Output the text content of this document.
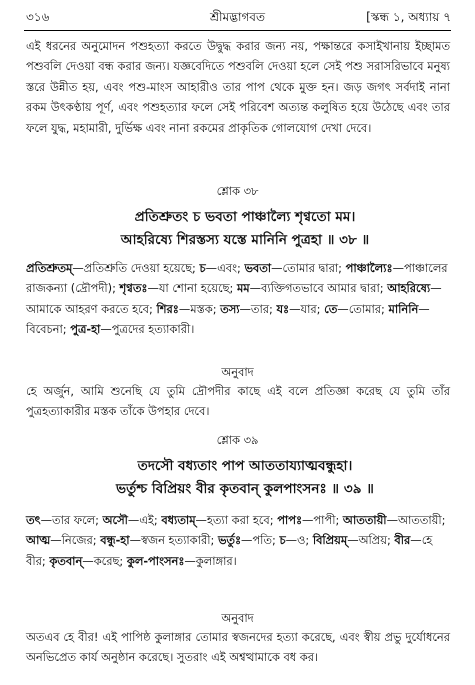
৩১৬	শ্রীমদ্ভাগবত	[স্কন্ধ ১, অধ্যায় ৭

এই ধরনের অনুমোদন পশুহত্যা করতে উদ্বুদ্ধ করার জন্য নয়, পক্ষান্তরে কসাইখানায় ইচ্ছামত পশুবলি দেওয়া বন্ধ করার জন্য। যজ্ঞবেদিতে পশুবলি দেওয়া হলে সেই পশু সরাসরিভাবে মনুষ্য স্তরে উন্নীত হয়, এবং পশু-মাংস আহারীও তার পাপ থেকে মুক্ত হন। জড় জগৎ সর্বদাই নানা রকম উৎকণ্ঠায় পূর্ণ, এবং পশুহত্যার ফলে সেই পরিবেশ অত্যন্ত কলুষিত হয়ে উঠেছে এবং তার ফলে যুদ্ধ, মহামারী, দুর্ভিক্ষ এবং নানা রকমের প্রাকৃতিক গোলযোগ দেখা দেবে।

শ্লোক ৩৮
প্রতিশ্রুতং চ ভবতা পাঞ্চাল্যৈ শৃণ্বতো মম।
আহরিষ্যে শিরস্তস্য যস্তে মানিনি পুত্রহা ॥ ৩৮ ॥

প্রতিশ্রুতম্—প্রতিশ্রুতি দেওয়া হয়েছে; চ—এবং; ভবতা—তোমার দ্বারা; পাঞ্চাল্যৈঃ—পাঞ্চালের রাজকন্যা (দ্রৌপদী); শৃণ্বতঃ—যা শোনা হয়েছে; মম—ব্যক্তিগতভাবে আমার দ্বারা; আহরিষ্যে—আমাকে আহরণ করতে হবে; শিরঃ—মস্তক; তস্য—তার; যঃ—যার; তে—তোমার; মানিনি—বিবেচনা; পুত্র-হা—পুত্রদের হত্যাকারী।

অনুবাদ

হে অর্জুন, আমি শুনেছি যে তুমি দ্রৌপদীর কাছে এই বলে প্রতিজ্ঞা করেছ যে তুমি তাঁর পুত্রহত্যাকারীর মস্তক তাঁকে উপহার দেবে।

শ্লোক ৩৯
তদসৌ বধ্যতাং পাপ আততায্যাত্মবন্ধুহা।
ভর্তুশ্চ বিপ্রিয়ং বীর কৃতবান্ কুলপাংসনঃ ॥ ৩৯ ॥

তৎ—তার ফলে; অসৌ—এই; বধ্যতাম্—হত্যা করা হবে; পাপঃ—পাপী; আততায়ী—আততায়ী; আত্ম—নিজের; বন্ধু-হা—স্বজন হত্যাকারী; ভর্তুঃ—পতি; চ—ও; বিপ্রিয়ম্—অপ্রিয়; বীর—হে বীর; কৃতবান্—করেছ; কুল-পাংসনঃ—কুলাঙ্গার।

অনুবাদ

অতএব হে বীর! এই পাপিষ্ঠ কুলাঙ্গার তোমার স্বজনদের হত্যা করেছে, এবং স্বীয় প্রভু দুর্যোধনের অনভিপ্রেত কার্য অনুষ্ঠান করেছে। সুতরাং এই অশ্বত্থামাকে বধ কর।
